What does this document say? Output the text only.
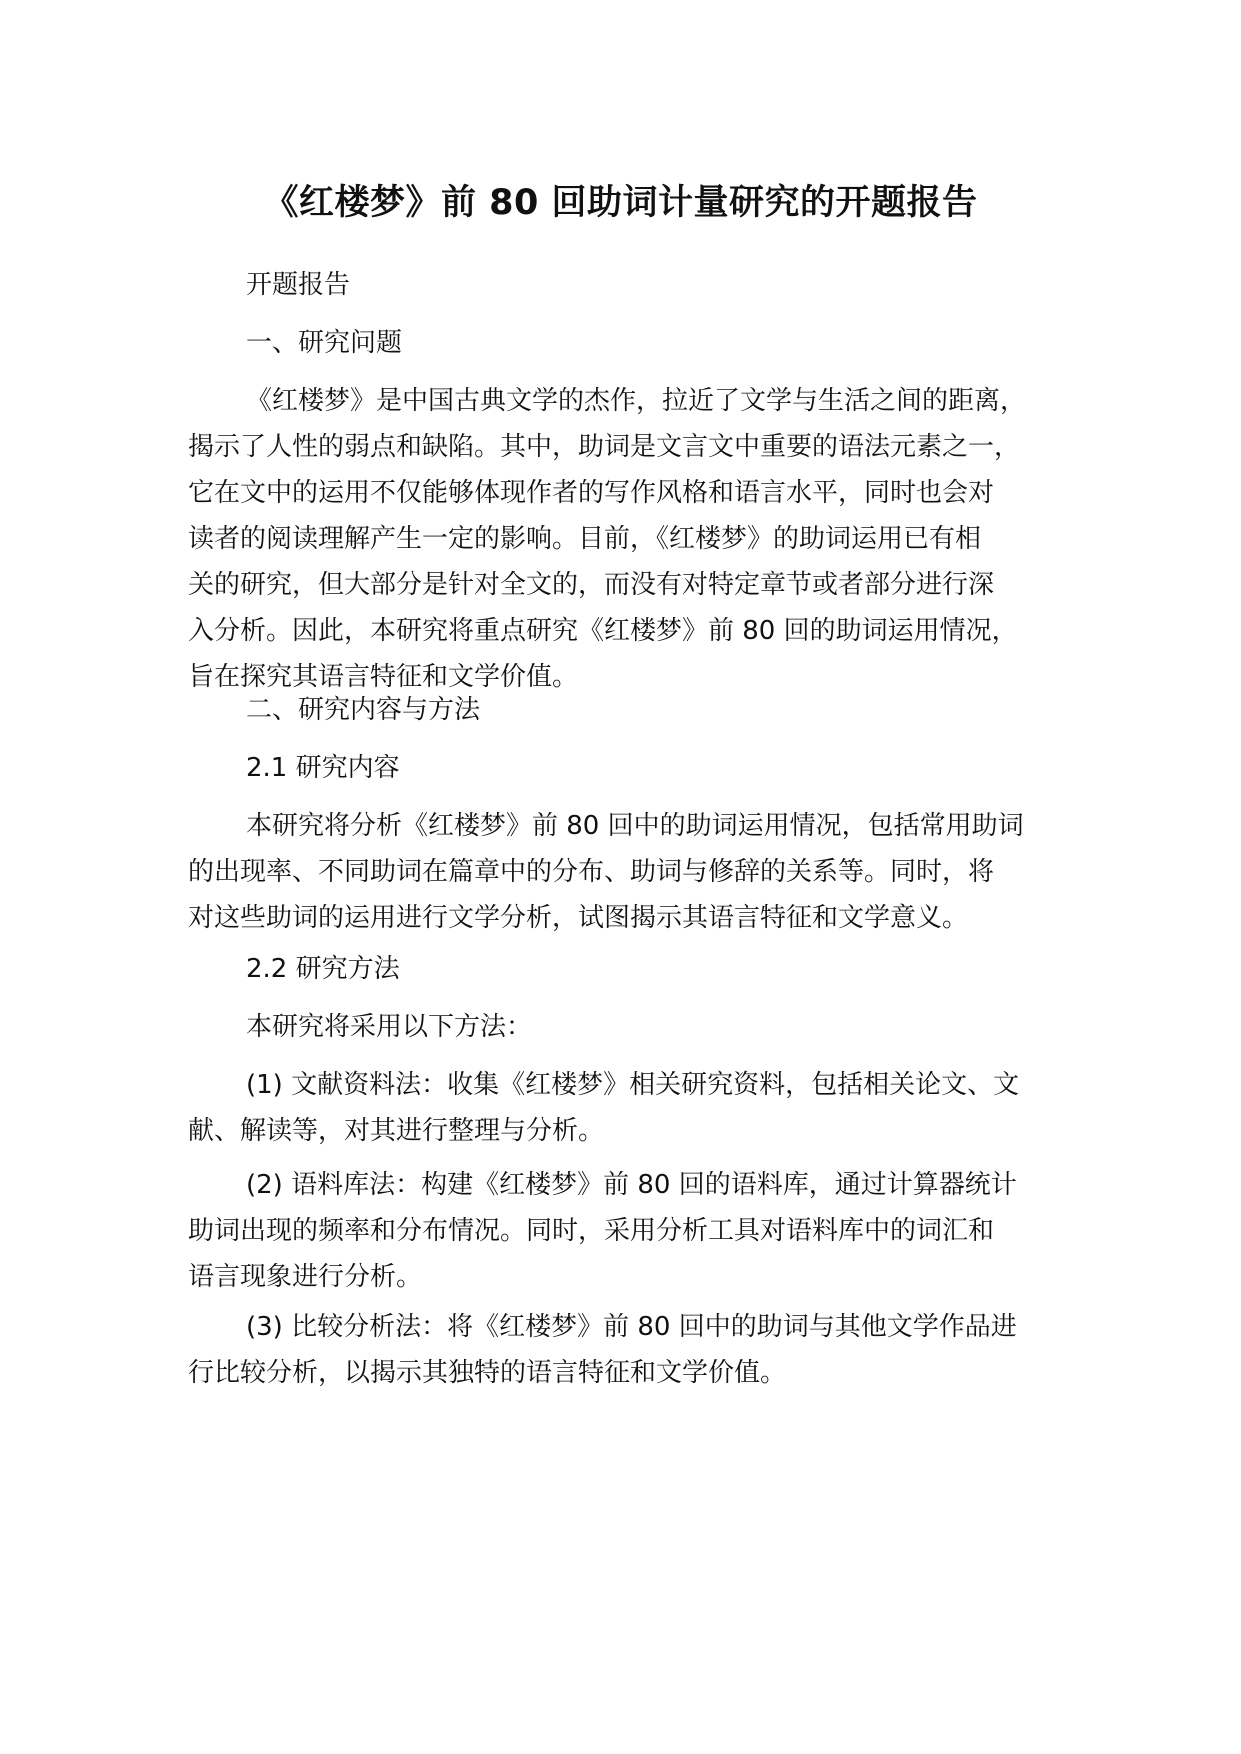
《红楼梦》前 80 回助词计量研究的开题报告
开题报告
一、研究问题
《红楼梦》是中国古典文学的杰作，拉近了文学与生活之间的距离，
揭示了人性的弱点和缺陷。其中，助词是文言文中重要的语法元素之一，
它在文中的运用不仅能够体现作者的写作风格和语言水平，同时也会对
读者的阅读理解产生一定的影响。目前，《红楼梦》的助词运用已有相
关的研究，但大部分是针对全文的，而没有对特定章节或者部分进行深
入分析。因此，本研究将重点研究《红楼梦》前 80 回的助词运用情况，
旨在探究其语言特征和文学价值。
二、研究内容与方法
2.1 研究内容
本研究将分析《红楼梦》前 80 回中的助词运用情况，包括常用助词
的出现率、不同助词在篇章中的分布、助词与修辞的关系等。同时，将
对这些助词的运用进行文学分析，试图揭示其语言特征和文学意义。
2.2 研究方法
本研究将采用以下方法：
(1) 文献资料法：收集《红楼梦》相关研究资料，包括相关论文、文
献、解读等，对其进行整理与分析。
(2) 语料库法：构建《红楼梦》前 80 回的语料库，通过计算器统计
助词出现的频率和分布情况。同时，采用分析工具对语料库中的词汇和
语言现象进行分析。
(3) 比较分析法：将《红楼梦》前 80 回中的助词与其他文学作品进
行比较分析，以揭示其独特的语言特征和文学价值。
